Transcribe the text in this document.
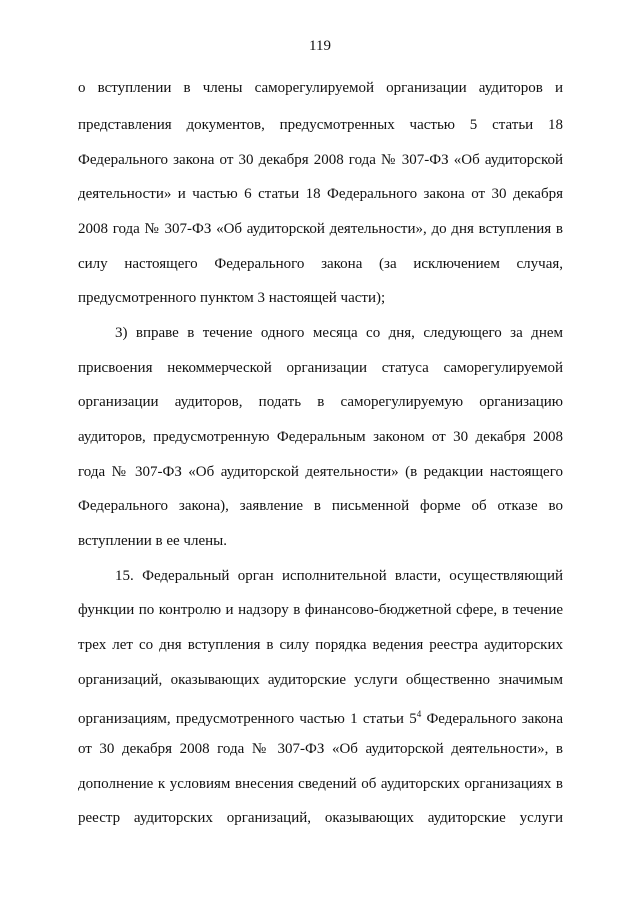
119
о вступлении в члены саморегулируемой организации аудиторов и
представления документов, предусмотренных частью 5 статьи 18
Федерального закона от 30 декабря 2008 года № 307-ФЗ «Об аудиторской
деятельности» и частью 6 статьи 18 Федерального закона от 30 декабря
2008 года № 307-ФЗ «Об аудиторской деятельности», до дня вступления в
силу настоящего Федерального закона (за исключением случая,
предусмотренного пунктом 3 настоящей части);
3) вправе в течение одного месяца со дня, следующего за днем
присвоения некоммерческой организации статуса саморегулируемой
организации аудиторов, подать в саморегулируемую организацию
аудиторов, предусмотренную Федеральным законом от 30 декабря 2008
года № 307-ФЗ «Об аудиторской деятельности» (в редакции настоящего
Федерального закона), заявление в письменной форме об отказе во
вступлении в ее члены.
15. Федеральный орган исполнительной власти, осуществляющий
функции по контролю и надзору в финансово-бюджетной сфере, в течение
трех лет со дня вступления в силу порядка ведения реестра аудиторских
организаций, оказывающих аудиторские услуги общественно значимым
организациям, предусмотренного частью 1 статьи $5^4$ Федерального закона
от 30 декабря 2008 года № 307-ФЗ «Об аудиторской деятельности», в
дополнение к условиям внесения сведений об аудиторских организациях в
реестр аудиторских организаций, оказывающих аудиторские услуги
